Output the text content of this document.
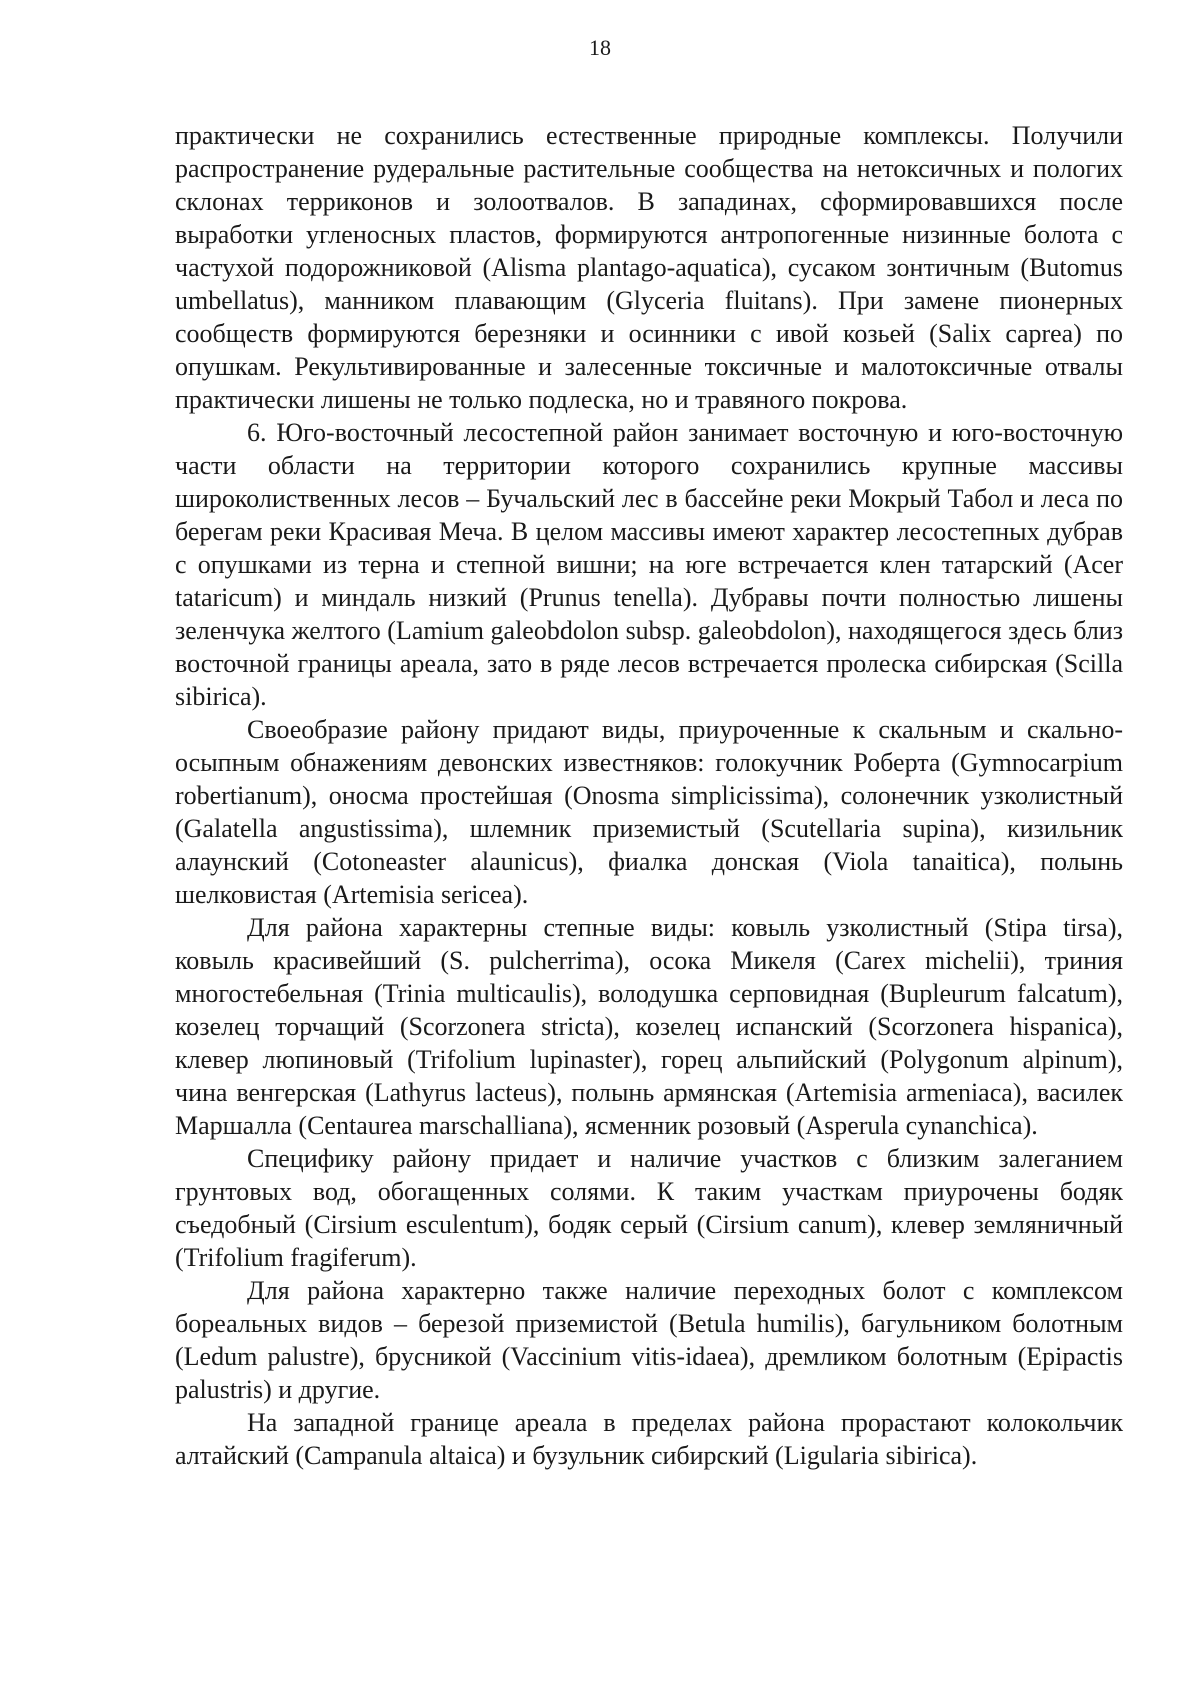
18

практически не сохранились естественные природные комплексы. Получили распространение рудеральные растительные сообщества на нетоксичных и пологих склонах терриконов и золоотвалов. В западинах, сформировавшихся после выработки угленосных пластов, формируются антропогенные низинные болота с частухой подорожниковой (Alisma plantago-aquatica), сусаком зонтичным (Butomus umbellatus), манником плавающим (Glyceria fluitans). При замене пионерных сообществ формируются березняки и осинники с ивой козьей (Salix caprea) по опушкам. Рекультивированные и залесенные токсичные и малотоксичные отвалы практически лишены не только подлеска, но и травяного покрова.

6. Юго-восточный лесостепной район занимает восточную и юго-восточную части области на территории которого сохранились крупные массивы широколиственных лесов – Бучальский лес в бассейне реки Мокрый Табол и леса по берегам реки Красивая Меча. В целом массивы имеют характер лесостепных дубрав с опушками из терна и степной вишни; на юге встречается клен татарский (Acer tataricum) и миндаль низкий (Prunus tenella). Дубравы почти полностью лишены зеленчука желтого (Lamium galeobdolon subsp. galeobdolon), находящегося здесь близ восточной границы ареала, зато в ряде лесов встречается пролеска сибирская (Scilla sibirica).

Своеобразие району придают виды, приуроченные к скальным и скально-осыпным обнажениям девонских известняков: голокучник Роберта (Gymnocarpium robertianum), оносма простейшая (Onosma simplicissima), солонечник узколистный (Galatella angustissima), шлемник приземистый (Scutellaria supina), кизильник алаунский (Cotoneaster alaunicus), фиалка донская (Viola tanaitica), полынь шелковистая (Artemisia sericea).

Для района характерны степные виды: ковыль узколистный (Stipa tirsa), ковыль красивейший (S. pulcherrima), осока Микеля (Carex michelii), триния многостебельная (Trinia multicaulis), володушка серповидная (Bupleurum falcatum), козелец торчащий (Scorzonera stricta), козелец испанский (Scorzonera hispanica), клевер люпиновый (Trifolium lupinaster), горец альпийский (Polygonum alpinum), чина венгерская (Lathyrus lacteus), полынь армянская (Artemisia armeniaca), василек Маршалла (Centaurea marschalliana), ясменник розовый (Asperula cynanchica).

Специфику району придает и наличие участков с близким залеганием грунтовых вод, обогащенных солями. К таким участкам приурочены бодяк съедобный (Cirsium esculentum), бодяк серый (Cirsium canum), клевер земляничный (Trifolium fragiferum).

Для района характерно также наличие переходных болот с комплексом бореальных видов – березой приземистой (Betula humilis), багульником болотным (Ledum palustre), брусникой (Vaccinium vitis-idaea), дремликом болотным (Epipactis palustris) и другие.

На западной границе ареала в пределах района прорастают колокольчик алтайский (Campanula altaica) и бузульник сибирский (Ligularia sibirica).
